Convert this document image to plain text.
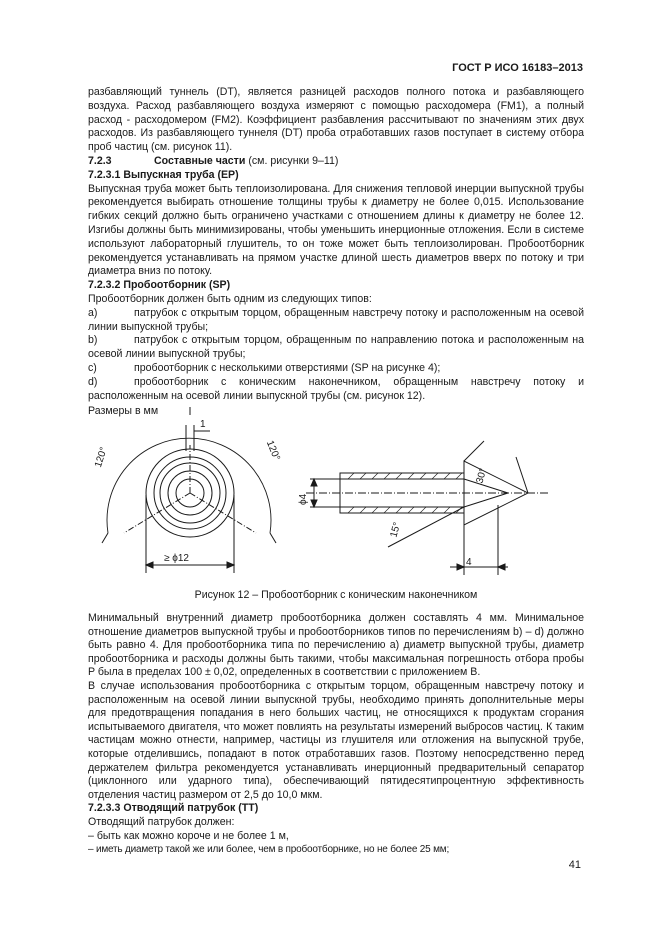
ГОСТ Р ИСО 16183–2013

разбавляющий туннель (DT), является разницей расходов полного потока и разбавляющего воздуха. Расход разбавляющего воздуха измеряют с помощью расходомера (FM1), а полный расход - расходомером (FM2). Коэффициент разбавления рассчитывают по значениям этих двух расходов. Из разбавляющего туннеля (DT) проба отработавших газов поступает в систему отбора проб частиц (см. рисунок 11).

7.2.3	Составные части (см. рисунки 9–11)

7.2.3.1 Выпускная труба (EP)

Выпускная труба может быть теплоизолирована. Для снижения тепловой инерции выпускной трубы рекомендуется выбирать отношение толщины трубы к диаметру не более 0,015. Использование гибких секций должно быть ограничено участками с отношением длины к диаметру не более 12. Изгибы должны быть минимизированы, чтобы уменьшить инерционные отложения. Если в системе используют лабораторный глушитель, то он тоже может быть теплоизолирован. Пробоотборник рекомендуется устанавливать на прямом участке длиной шесть диаметров вверх по потоку и три диаметра вниз по потоку.

7.2.3.2 Пробоотборник (SP)

Пробоотборник должен быть одним из следующих типов:

a)	патрубок с открытым торцом, обращенным навстречу потоку и расположенным на осевой линии выпускной трубы;

b)	патрубок с открытым торцом, обращенным по направлению потока и расположенным на осевой линии выпускной трубы;

c)	пробоотборник с несколькими отверстиями (SP на рисунке 4);

d)	пробоотборник с коническим наконечником, обращенным навстречу потоку и расположенным на осевой линии выпускной трубы (см. рисунок 12).

Размеры в мм

120°	120°
1
≥ ϕ12
ϕ4
30°
15°
4
Рисунок 12 – Пробоотборник с коническим наконечником

Минимальный внутренний диаметр пробоотборника должен составлять 4 мм. Минимальное отношение диаметров выпускной трубы и пробоотборников типов по перечислениям b) – d) должно быть равно 4. Для пробоотборника типа по перечислению а) диаметр выпускной трубы, диаметр пробоотборника и расходы должны быть такими, чтобы максимальная погрешность отбора пробы P была в пределах 100 ± 0,02, определенных в соответствии с приложением В.

В случае использования пробоотборника с открытым торцом, обращенным навстречу потоку и расположенным на осевой линии выпускной трубы, необходимо принять дополнительные меры для предотвращения попадания в него больших частиц, не относящихся к продуктам сгорания испытываемого двигателя, что может повлиять на результаты измерений выбросов частиц. К таким частицам можно отнести, например, частицы из глушителя или отложения на выпускной трубе, которые отделившись, попадают в поток отработавших газов. Поэтому непосредственно перед держателем фильтра рекомендуется устанавливать инерционный предварительный сепаратор (циклонного или ударного типа), обеспечивающий пятидесятипроцентную эффективность отделения частиц размером от 2,5 до 10,0 мкм.

7.2.3.3 Отводящий патрубок (TT)

Отводящий патрубок должен:

– быть как можно короче и не более 1 м,

– иметь диаметр такой же или более, чем в пробоотборнике, но не более 25 мм;

41
